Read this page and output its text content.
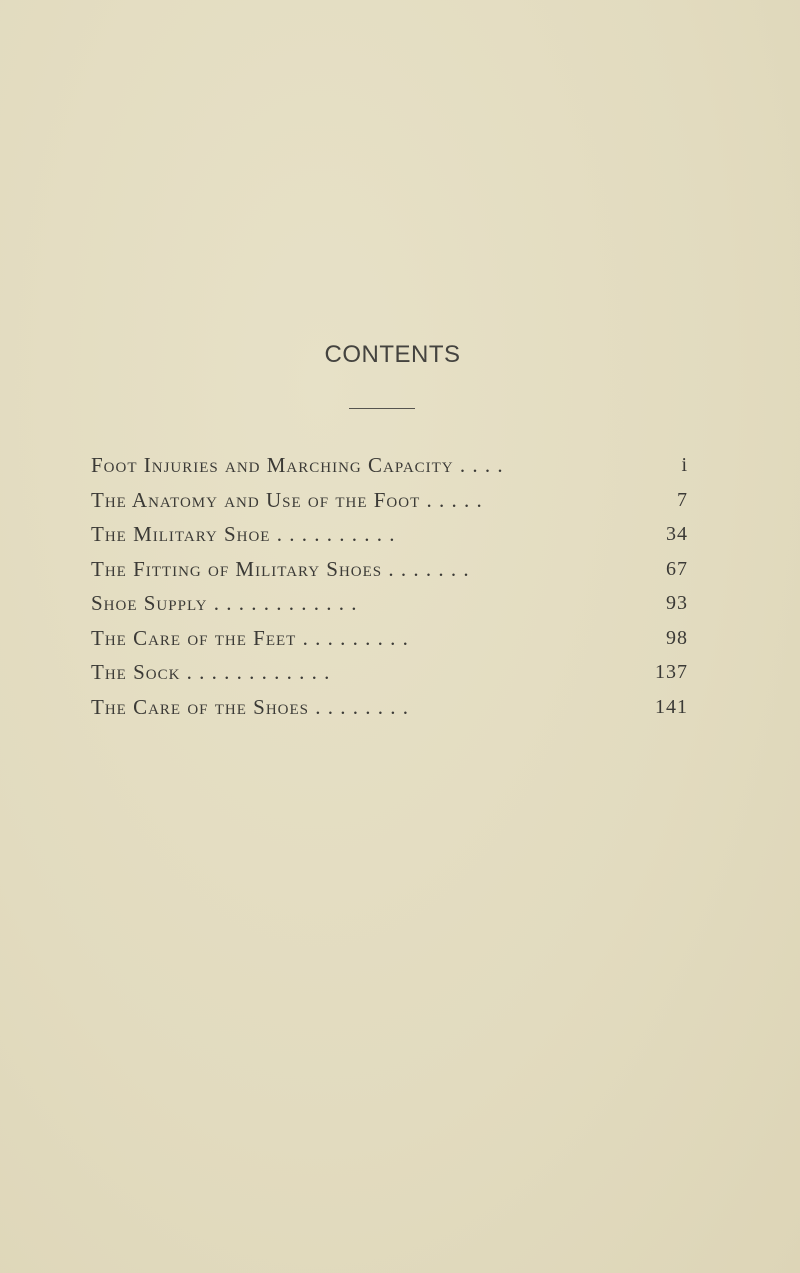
CONTENTS
Foot Injuries and Marching Capacity . . . .	i
The Anatomy and Use of the Foot . . . . .	7
The Military Shoe . . . . . . . . . .	34
The Fitting of Military Shoes . . . . . . .	67
Shoe Supply . . . . . . . . . . . .	93
The Care of the Feet . . . . . . . . .	98
The Sock . . . . . . . . . . . .	137
The Care of the Shoes . . . . . . . .	141
